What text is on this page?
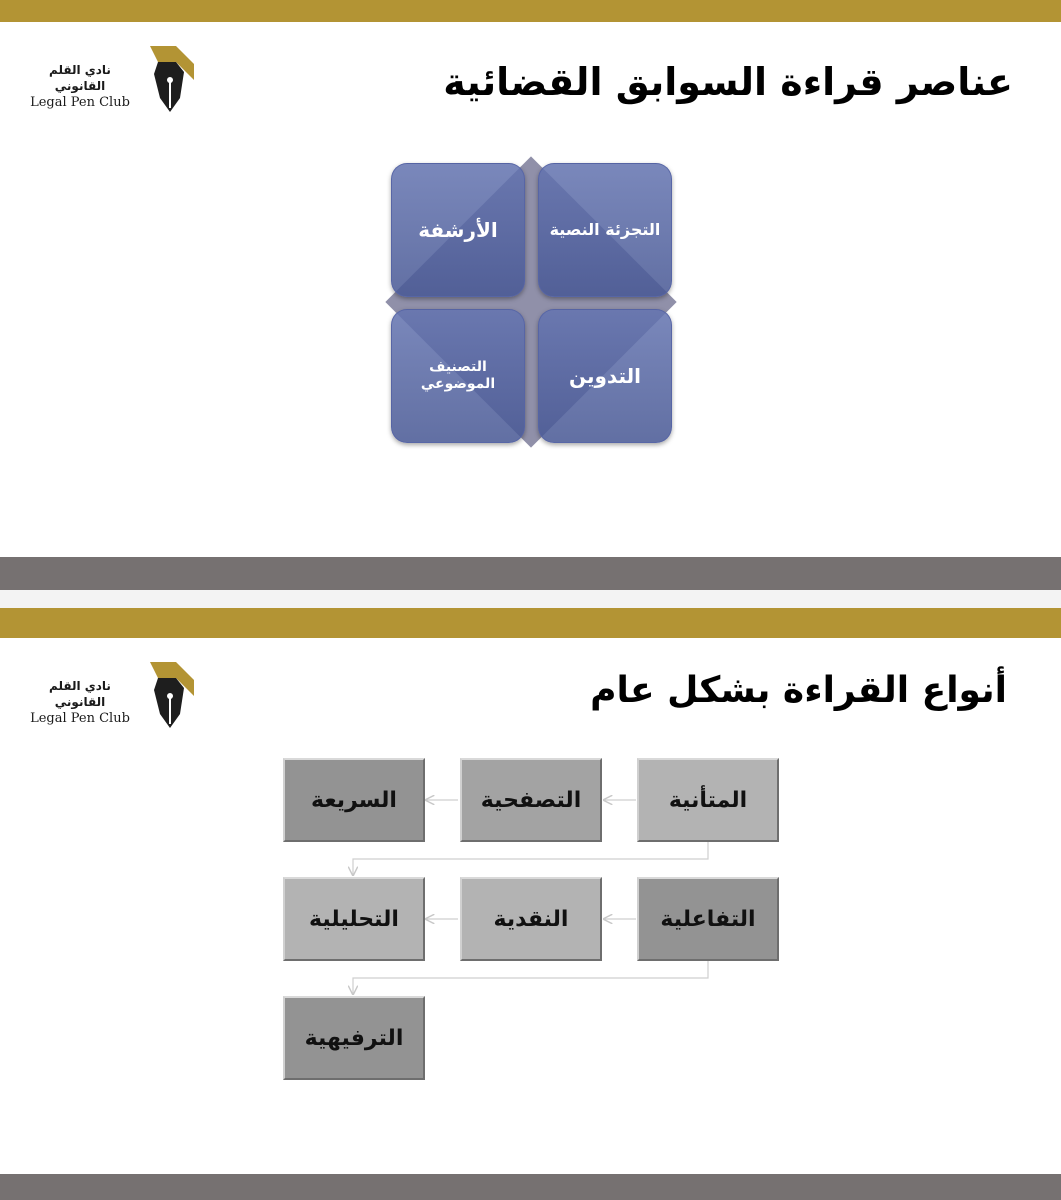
نادي القلم القانوني
Legal Pen Club	عناصر قراءة السوابق القضائية
الأرشفة	التجزئة النصية
التصنيف الموضوعي	التدوين
نادي القلم القانوني
Legal Pen Club
أنواع القراءة بشكل عام
المتأنية
التصفحية
السريعة
التفاعلية
النقدية
التحليلية
الترفيهية
